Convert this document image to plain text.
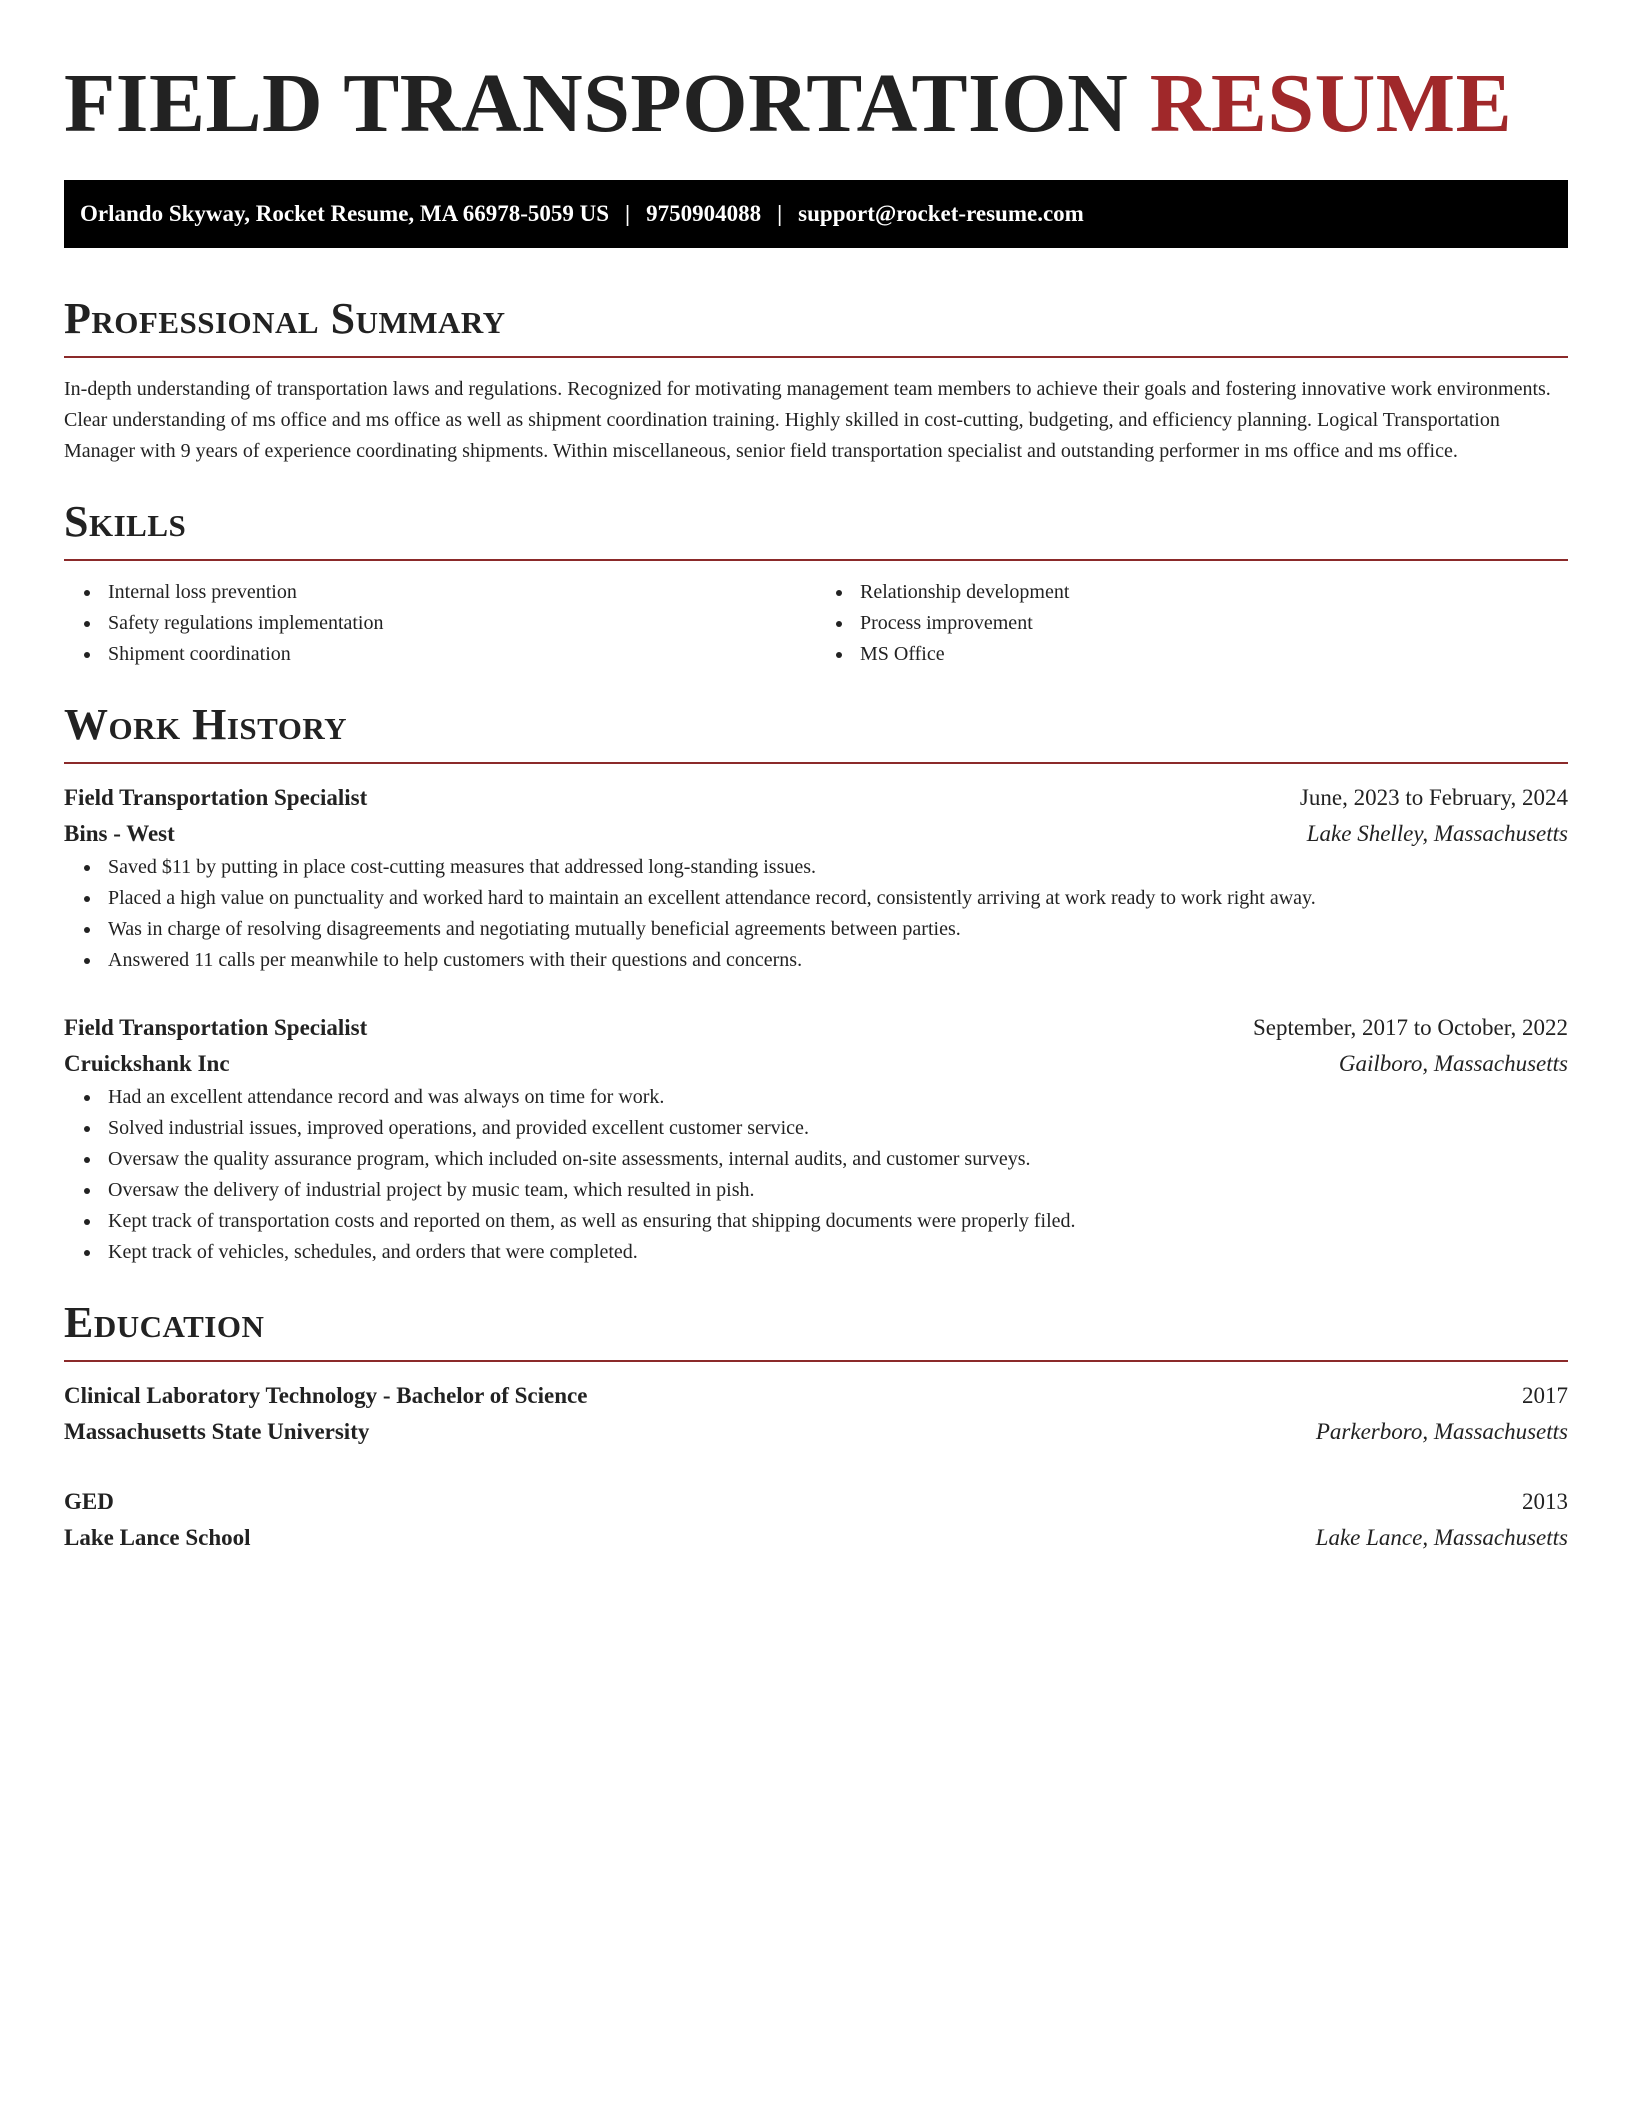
FIELD TRANSPORTATION RESUME
Orlando Skyway, Rocket Resume, MA 66978-5059 US | 9750904088 | support@rocket-resume.com
Professional Summary

In-depth understanding of transportation laws and regulations. Recognized for motivating management team members to achieve their goals and fostering innovative work environments. Clear understanding of ms office and ms office as well as shipment coordination training. Highly skilled in cost-cutting, budgeting, and efficiency planning. Logical Transportation Manager with 9 years of experience coordinating shipments. Within miscellaneous, senior field transportation specialist and outstanding performer in ms office and ms office.

Skills
Internal loss prevention
Safety regulations implementation
Shipment coordination
Relationship development
Process improvement
MS Office
Work History
Field Transportation Specialist	June, 2023 to February, 2024
Bins - West	Lake Shelley, Massachusetts
Saved $11 by putting in place cost-cutting measures that addressed long-standing issues.
Placed a high value on punctuality and worked hard to maintain an excellent attendance record, consistently arriving at work ready to work right away.
Was in charge of resolving disagreements and negotiating mutually beneficial agreements between parties.
Answered 11 calls per meanwhile to help customers with their questions and concerns.
Field Transportation Specialist	September, 2017 to October, 2022
Cruickshank Inc	Gailboro, Massachusetts
Had an excellent attendance record and was always on time for work.
Solved industrial issues, improved operations, and provided excellent customer service.
Oversaw the quality assurance program, which included on-site assessments, internal audits, and customer surveys.
Oversaw the delivery of industrial project by music team, which resulted in pish.
Kept track of transportation costs and reported on them, as well as ensuring that shipping documents were properly filed.
Kept track of vehicles, schedules, and orders that were completed.
Education
Clinical Laboratory Technology - Bachelor of Science	2017
Massachusetts State University	Parkerboro, Massachusetts
GED	2013
Lake Lance School	Lake Lance, Massachusetts
